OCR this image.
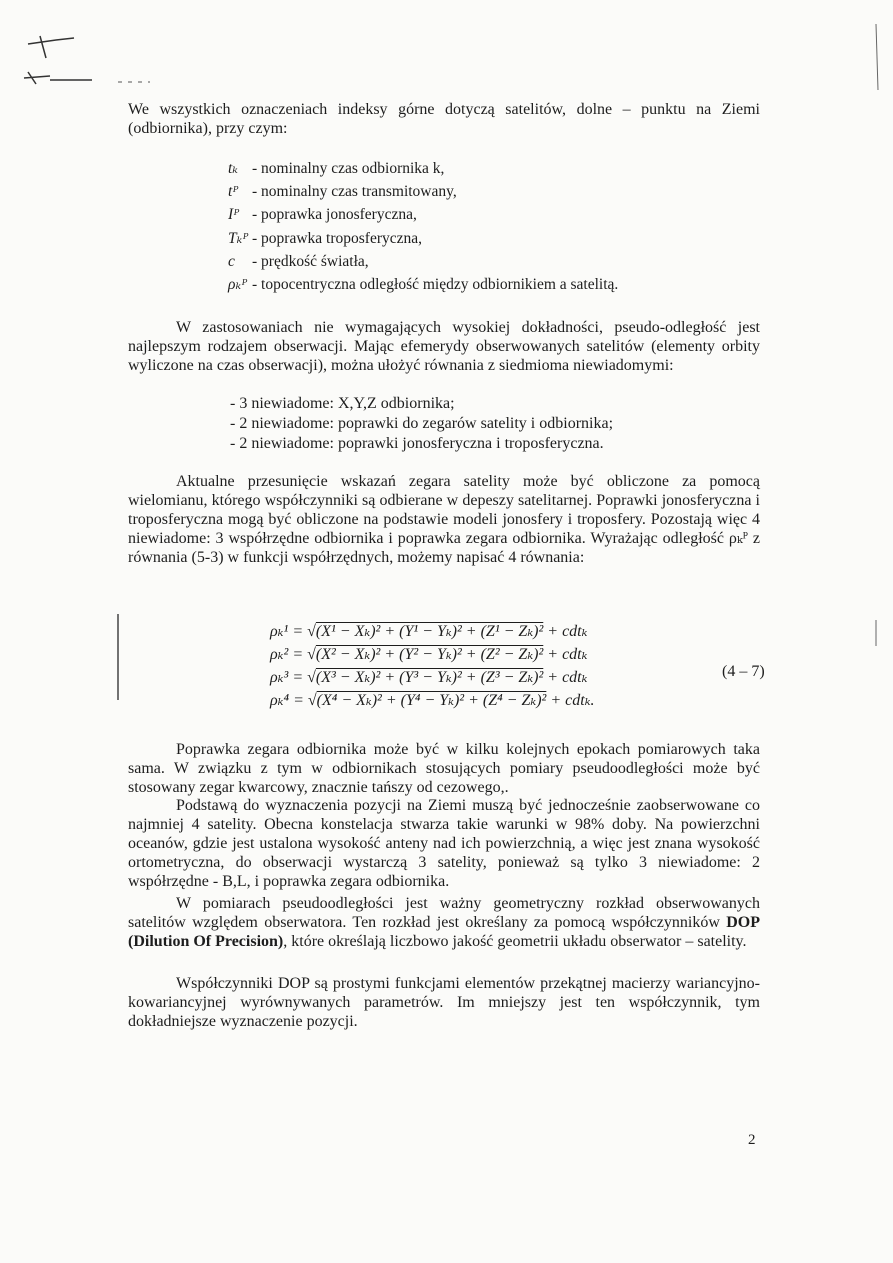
We wszystkich oznaczeniach indeksy górne dotyczą satelitów, dolne – punktu na Ziemi (odbiornika), przy czym:

tₖ - nominalny czas odbiornika k,
tᴾ - nominalny czas transmitowany,
Iᴾ - poprawka jonosferyczna,
Tₖᴾ - poprawka troposferyczna,
c - prędkość światła,
ρₖᴾ - topocentryczna odległość między odbiornikiem a satelitą.

W zastosowaniach nie wymagających wysokiej dokładności, pseudo-odległość jest najlepszym rodzajem obserwacji. Mając efemerydy obserwowanych satelitów (elementy orbity wyliczone na czas obserwacji), można ułożyć równania z siedmioma niewiadomymi:

- 3 niewiadome: X,Y,Z odbiornika;
- 2 niewiadome: poprawki do zegarów satelity i odbiornika;
- 2 niewiadome: poprawki jonosferyczna i troposferyczna.

Aktualne przesunięcie wskazań zegara satelity może być obliczone za pomocą wielomianu, którego współczynniki są odbierane w depeszy satelitarnej. Poprawki jonosferyczna i troposferyczna mogą być obliczone na podstawie modeli jonosfery i troposfery. Pozostają więc 4 niewiadome: 3 współrzędne odbiornika i poprawka zegara odbiornika. Wyrażając odległość ρₖᴾ z równania (5-3) w funkcji współrzędnych, możemy napisać 4 równania:

ρₖ¹ = √(X¹ − Xₖ)² + (Y¹ − Yₖ)² + (Z¹ − Zₖ)² + cdtₖ
ρₖ² = √(X² − Xₖ)² + (Y² − Yₖ)² + (Z² − Zₖ)² + cdtₖ
ρₖ³ = √(X³ − Xₖ)² + (Y³ − Yₖ)² + (Z³ − Zₖ)² + cdtₖ
ρₖ⁴ = √(X⁴ − Xₖ)² + (Y⁴ − Yₖ)² + (Z⁴ − Zₖ)² + cdtₖ.
(4 – 7)

Poprawka zegara odbiornika może być w kilku kolejnych epokach pomiarowych taka sama. W związku z tym w odbiornikach stosujących pomiary pseudoodległości może być stosowany zegar kwarcowy, znacznie tańszy od cezowego,.

Podstawą do wyznaczenia pozycji na Ziemi muszą być jednocześnie zaobserwowane co najmniej 4 satelity. Obecna konstelacja stwarza takie warunki w 98% doby. Na powierzchni oceanów, gdzie jest ustalona wysokość anteny nad ich powierzchnią, a więc jest znana wysokość ortometryczna, do obserwacji wystarczą 3 satelity, ponieważ są tylko 3 niewiadome: 2 współrzędne - B,L, i poprawka zegara odbiornika.

W pomiarach pseudoodległości jest ważny geometryczny rozkład obserwowanych satelitów względem obserwatora. Ten rozkład jest określany za pomocą współczynników DOP (Dilution Of Precision), które określają liczbowo jakość geometrii układu obserwator – satelity.

Współczynniki DOP są prostymi funkcjami elementów przekątnej macierzy wariancyjno-kowariancyjnej wyrównywanych parametrów. Im mniejszy jest ten współczynnik, tym dokładniejsze wyznaczenie pozycji.

2
